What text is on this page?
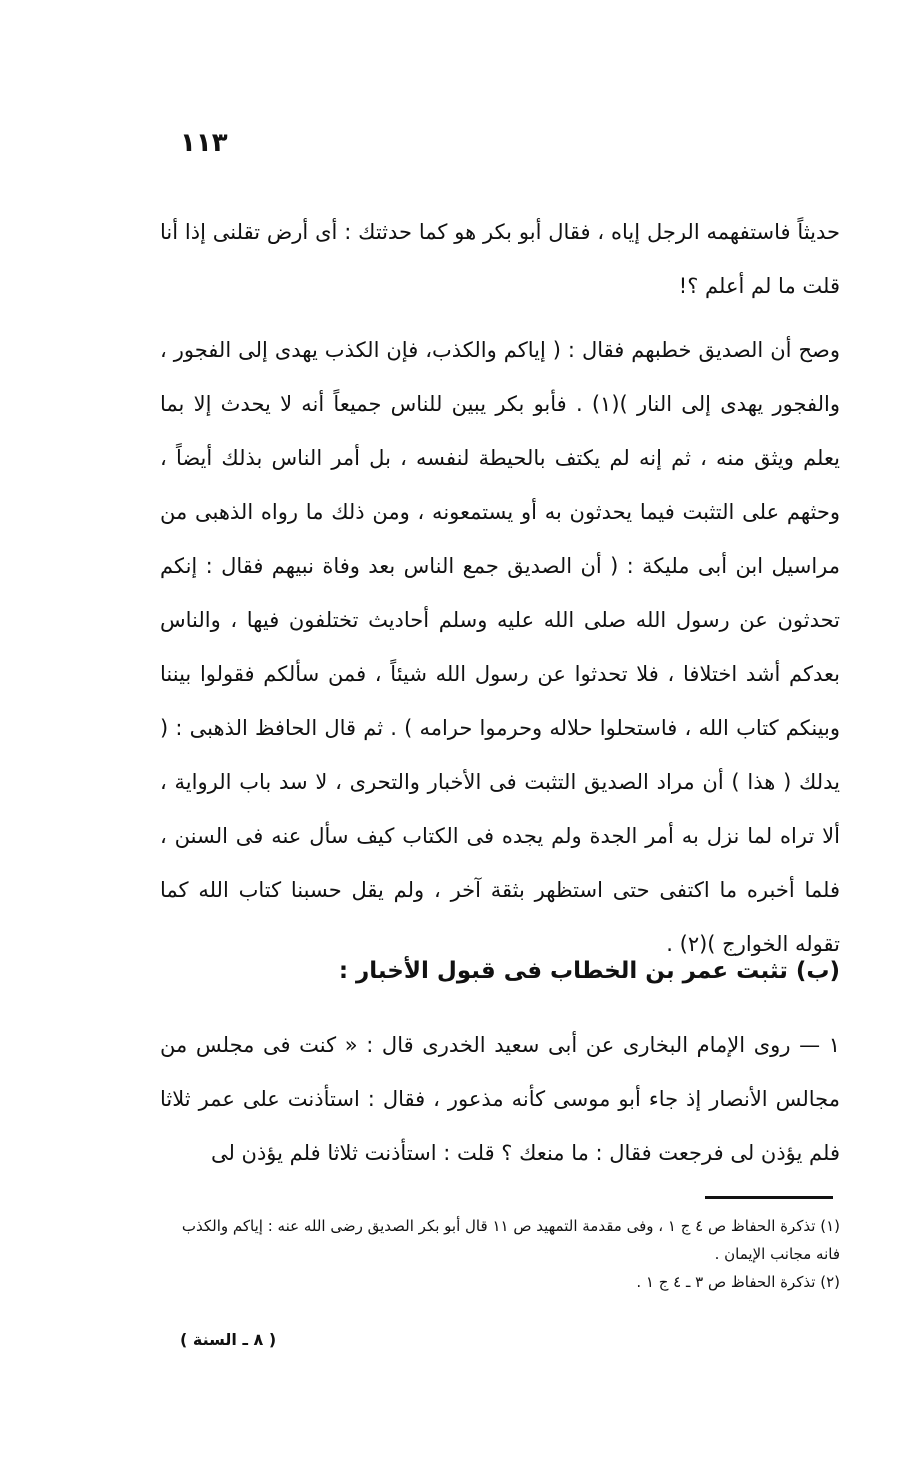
١١٣

حديثاً فاستفهمه الرجل إياه ، فقال أبو بكر هو كما حدثتك : أى أرض تقلنى إذا أنا قلت ما لم أعلم ؟!

وصح أن الصديق خطبهم فقال : ( إياكم والكذب، فإن الكذب يهدى إلى الفجور ، والفجور يهدى إلى النار )(١) . فأبو بكر يبين للناس جميعاً أنه لا يحدث إلا بما يعلم ويثق منه ، ثم إنه لم يكتف بالحيطة لنفسه ، بل أمر الناس بذلك أيضاً ، وحثهم على التثبت فيما يحدثون به أو يستمعونه ، ومن ذلك ما رواه الذهبى من مراسيل ابن أبى مليكة : ( أن الصديق جمع الناس بعد وفاة نبيهم فقال : إنكم تحدثون عن رسول الله صلى الله عليه وسلم أحاديث تختلفون فيها ، والناس بعدكم أشد اختلافا ، فلا تحدثوا عن رسول الله شيئاً ، فمن سألكم فقولوا بيننا وبينكم كتاب الله ، فاستحلوا حلاله وحرموا حرامه ) . ثم قال الحافظ الذهبى : ( يدلك ( هذا ) أن مراد الصديق التثبت فى الأخبار والتحرى ، لا سد باب الرواية ، ألا تراه لما نزل به أمر الجدة ولم يجده فى الكتاب كيف سأل عنه فى السنن ، فلما أخبره ما اكتفى حتى استظهر بثقة آخر ، ولم يقل حسبنا كتاب الله كما تقوله الخوارج )(٢) .

(ب) تثبت عمر بن الخطاب فى قبول الأخبار :
١ — روى الإمام البخارى عن أبى سعيد الخدرى قال : « كنت فى مجلس من مجالس الأنصار إذ جاء أبو موسى كأنه مذعور ، فقال : استأذنت على عمر ثلاثا فلم يؤذن لى فرجعت فقال : ما منعك ؟ قلت : استأذنت ثلاثا فلم يؤذن لى

(١) تذكرة الحفاظ ص ٤ ج ١ ، وفى مقدمة التمهيد ص ١١ قال أبو بكر الصديق رضى الله عنه : إياكم والكذب فانه مجانب الإيمان .

(٢) تذكرة الحفاظ ص ٣ ـ ٤ ج ١ .

( ٨ ـ السنة )
